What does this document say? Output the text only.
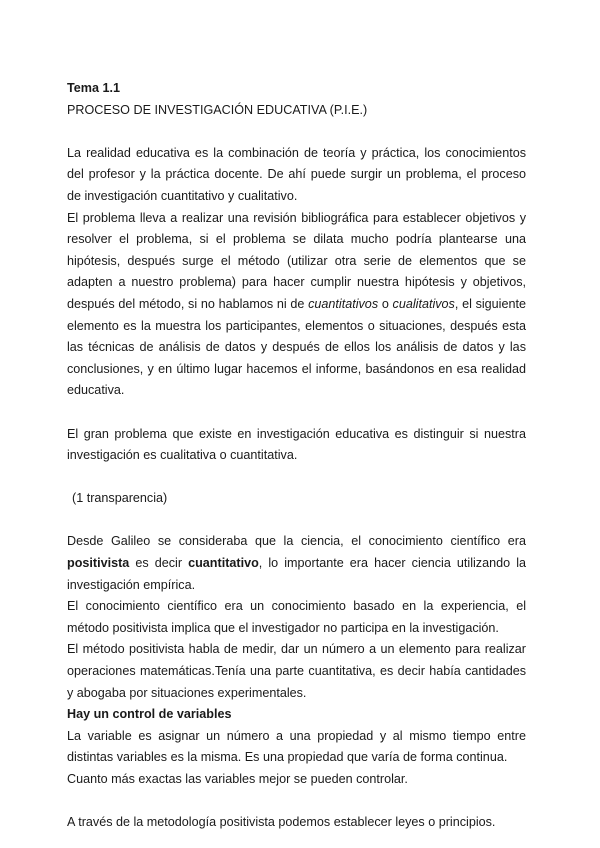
Tema 1.1

PROCESO DE INVESTIGACIÓN EDUCATIVA (P.I.E.)

La realidad educativa es la combinación de teoría y práctica, los conocimientos del profesor y la práctica docente. De ahí puede surgir un problema, el proceso de investigación cuantitativo y cualitativo.

El problema lleva a realizar una revisión bibliográfica para establecer objetivos y resolver el problema, si el problema se dilata mucho podría plantearse una hipótesis, después surge el método (utilizar otra serie de elementos que se adapten a nuestro problema) para hacer cumplir nuestra hipótesis y objetivos, después del método, si no hablamos ni de cuantitativos o cualitativos, el siguiente elemento es la muestra los participantes, elementos o situaciones, después esta las técnicas de análisis de datos y después de ellos los análisis de datos y las conclusiones, y en último lugar hacemos el informe, basándonos en esa realidad educativa.

El gran problema que existe en investigación educativa es distinguir si nuestra investigación es cualitativa o cuantitativa.

(1 transparencia)

Desde Galileo se consideraba que la ciencia, el conocimiento científico era positivista es decir cuantitativo, lo importante era hacer ciencia utilizando la investigación empírica.

El conocimiento científico era un conocimiento basado en la experiencia, el método positivista implica que el investigador no participa en la investigación.

El método positivista habla de medir, dar un número a un elemento para realizar operaciones matemáticas.Tenía una parte cuantitativa, es decir había cantidades y abogaba por situaciones experimentales.

Hay un control de variables

La variable es asignar un número a una propiedad y al mismo tiempo entre distintas variables es la misma. Es una propiedad que varía de forma continua.

Cuanto más exactas las variables mejor se pueden controlar.

A través de la metodología positivista podemos establecer leyes o principios.
